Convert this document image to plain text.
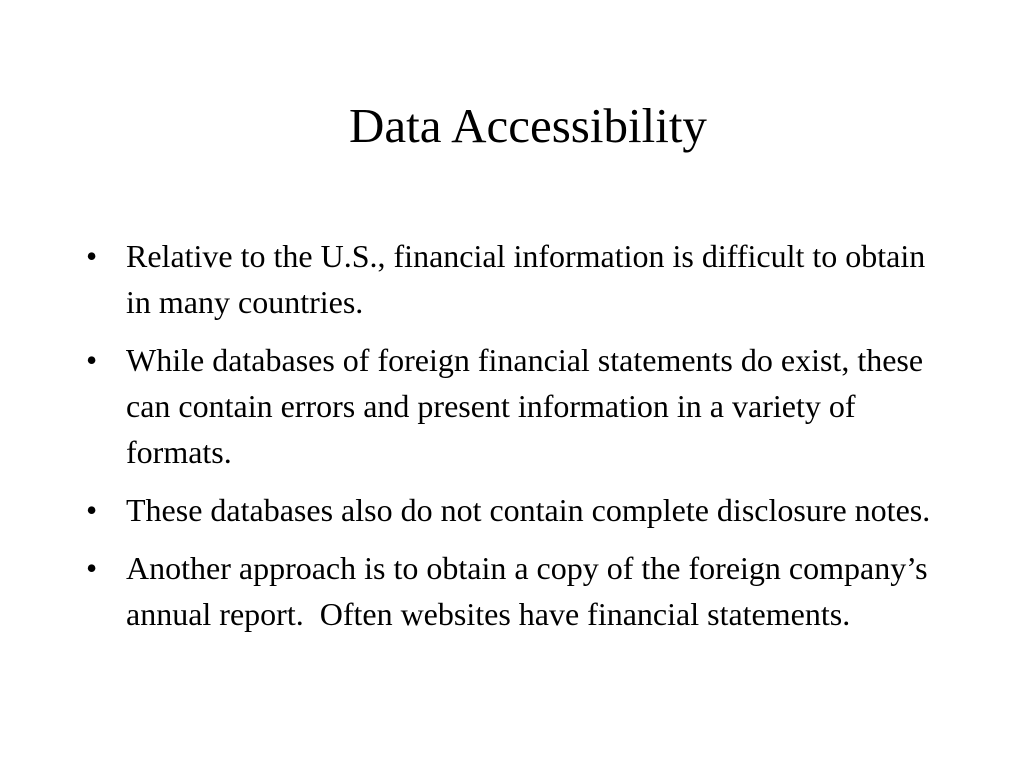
Data Accessibility
• Relative to the U.S., financial information is difficult to obtain in many countries.
• While databases of foreign financial statements do exist, these can contain errors and present information in a variety of formats.
• These databases also do not contain complete disclosure notes.
• Another approach is to obtain a copy of the foreign company’s annual report.  Often websites have financial statements.
